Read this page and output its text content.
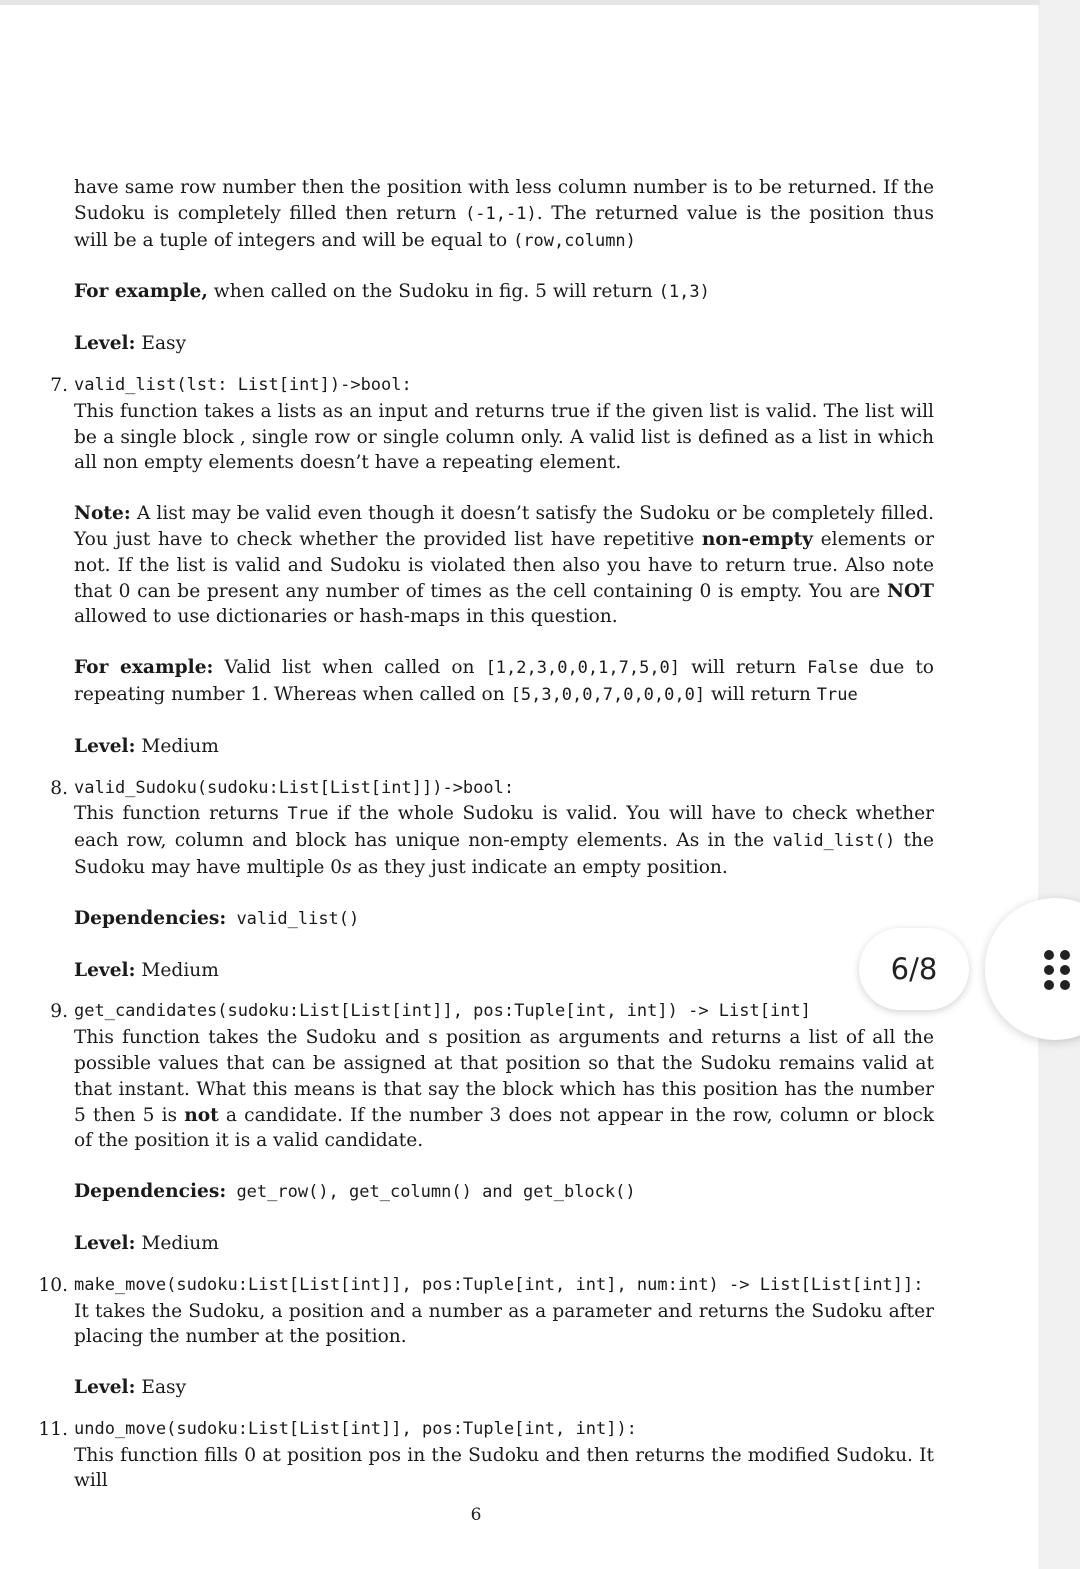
have same row number then the position with less column number is to be returned. If the Sudoku is completely filled then return (-1,-1). The returned value is the position thus will be a tuple of integers and will be equal to (row,column)

For example, when called on the Sudoku in fig. 5 will return (1,3)

Level: Easy

7. valid_list(lst: List[int])->bool:

This function takes a lists as an input and returns true if the given list is valid. The list will be a single block , single row or single column only. A valid list is defined as a list in which all non empty elements doesn’t have a repeating element.

Note: A list may be valid even though it doesn’t satisfy the Sudoku or be completely filled. You just have to check whether the provided list have repetitive non-empty elements or not. If the list is valid and Sudoku is violated then also you have to return true. Also note that 0 can be present any number of times as the cell containing 0 is empty. You are NOT allowed to use dictionaries or hash-maps in this question.

For example: Valid list when called on [1,2,3,0,0,1,7,5,0] will return False due to repeating number 1. Whereas when called on [5,3,0,0,7,0,0,0,0] will return True

Level: Medium

8. valid_Sudoku(sudoku:List[List[int]])->bool:

This function returns True if the whole Sudoku is valid. You will have to check whether each row, column and block has unique non-empty elements. As in the valid_list() the Sudoku may have multiple 0s as they just indicate an empty position.

Dependencies: valid_list()

Level: Medium

9. get_candidates(sudoku:List[List[int]], pos:Tuple[int, int]) -> List[int]

This function takes the Sudoku and s position as arguments and returns a list of all the possible values that can be assigned at that position so that the Sudoku remains valid at that instant. What this means is that say the block which has this position has the number 5 then 5 is not a candidate. If the number 3 does not appear in the row, column or block of the position it is a valid candidate.

Dependencies: get_row(), get_column() and get_block()

Level: Medium

10. make_move(sudoku:List[List[int]], pos:Tuple[int, int], num:int) -> List[List[int]]:

It takes the Sudoku, a position and a number as a parameter and returns the Sudoku after placing the number at the position.

Level: Easy

11. undo_move(sudoku:List[List[int]], pos:Tuple[int, int]):

This function fills 0 at position pos in the Sudoku and then returns the modified Sudoku. It will

6
6/8
